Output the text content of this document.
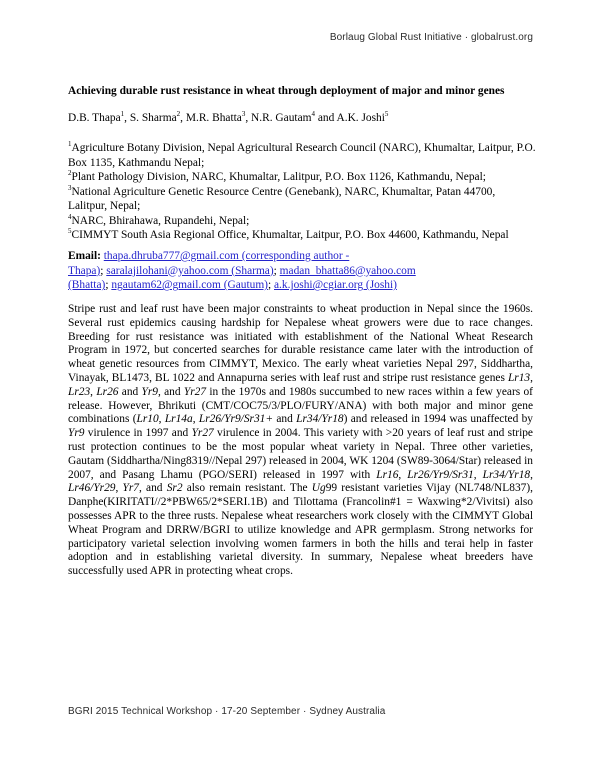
Borlaug Global Rust Initiative · globalrust.org
Achieving durable rust resistance in wheat through deployment of major and minor genes

D.B. Thapa$^1$, S. Sharma$^2$, M.R. Bhatta$^3$, N.R. Gautam$^4$ and A.K. Joshi$^5$

$^1$Agriculture Botany Division, Nepal Agricultural Research Council (NARC), Khumaltar, Laitpur, P.O. Box 1135, Kathmandu Nepal;

$^2$Plant Pathology Division, NARC, Khumaltar, Lalitpur, P.O. Box 1126, Kathmandu, Nepal;

$^3$National Agriculture Genetic Resource Centre (Genebank), NARC, Khumaltar, Patan 44700, Lalitpur, Nepal;

$^4$NARC, Bhirahawa, Rupandehi, Nepal;

$^5$CIMMYT South Asia Regional Office, Khumaltar, Laitpur, P.O. Box 44600, Kathmandu, Nepal

Email: thapa.dhruba777@gmail.com (corresponding author -
Thapa); saralajilohani@yahoo.com (Sharma); madan_bhatta86@yahoo.com
(Bhatta); ngautam62@gmail.com (Gautum); a.k.joshi@cgiar.org (Joshi)

Stripe rust and leaf rust have been major constraints to wheat production in Nepal since the 1960s. Several rust epidemics causing hardship for Nepalese wheat growers were due to race changes. Breeding for rust resistance was initiated with establishment of the National Wheat Research Program in 1972, but concerted searches for durable resistance came later with the introduction of wheat genetic resources from CIMMYT, Mexico. The early wheat varieties Nepal 297, Siddhartha, Vinayak, BL1473, BL 1022 and Annapurna series with leaf rust and stripe rust resistance genes Lr13, Lr23, Lr26 and Yr9, and Yr27 in the 1970s and 1980s succumbed to new races within a few years of release. However, Bhrikuti (CMT/COC75/3/PLO/FURY/ANA) with both major and minor gene combinations (Lr10, Lr14a, Lr26/Yr9/Sr31+ and Lr34/Yr18) and released in 1994 was unaffected by Yr9 virulence in 1997 and Yr27 virulence in 2004. This variety with >20 years of leaf rust and stripe rust protection continues to be the most popular wheat variety in Nepal. Three other varieties, Gautam (Siddhartha/Ning8319//Nepal 297) released in 2004, WK 1204 (SW89-3064/Star) released in 2007, and Pasang Lhamu (PGO/SERI) released in 1997 with Lr16, Lr26/Yr9/Sr31, Lr34/Yr18, Lr46/Yr29, Yr7, and Sr2 also remain resistant. The Ug99 resistant varieties Vijay (NL748/NL837), Danphe(KIRITATI//2*PBW65/2*SERI.1B) and Tilottama (Francolin#1 = Waxwing*2/Vivitsi) also possesses APR to the three rusts. Nepalese wheat researchers work closely with the CIMMYT Global Wheat Program and DRRW/BGRI to utilize knowledge and APR germplasm. Strong networks for participatory varietal selection involving women farmers in both the hills and terai help in faster adoption and in establishing varietal diversity. In summary, Nepalese wheat breeders have successfully used APR in protecting wheat crops.

BGRI 2015 Technical Workshop · 17-20 September · Sydney Australia
